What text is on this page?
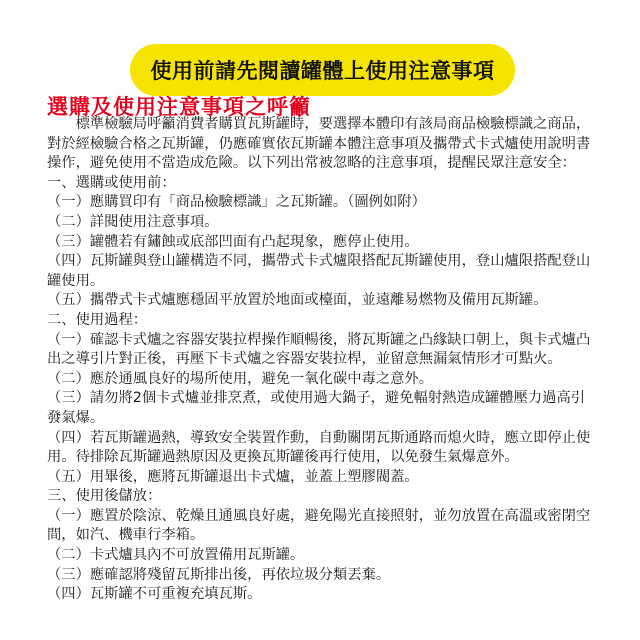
使用前請先閱讀罐體上使用注意事項
選購及使用注意事項之呼籲

標準檢驗局呼籲消費者購買瓦斯罐時，要選擇本體印有該局商品檢驗標識之商品，對於經檢驗合格之瓦斯罐，仍應確實依瓦斯罐本體注意事項及攜帶式卡式爐使用說明書操作，避免使用不當造成危險。以下列出常被忽略的注意事項，提醒民眾注意安全：

一、選購或使用前：

（一）應購買印有「商品檢驗標識」之瓦斯罐。（圖例如附）

（二）詳閱使用注意事項。

（三）罐體若有鏽蝕或底部凹面有凸起現象，應停止使用。

（四）瓦斯罐與登山罐構造不同，攜帶式卡式爐限搭配瓦斯罐使用，登山爐限搭配登山罐使用。

（五）攜帶式卡式爐應穩固平放置於地面或檯面，並遠離易燃物及備用瓦斯罐。

二、使用過程：

（一）確認卡式爐之容器安裝拉桿操作順暢後，將瓦斯罐之凸緣缺口朝上，與卡式爐凸出之導引片對正後，再壓下卡式爐之容器安裝拉桿，並留意無漏氣情形才可點火。

（二）應於通風良好的場所使用，避免一氧化碳中毒之意外。

（三）請勿將2個卡式爐並排烹煮，或使用過大鍋子，避免輻射熱造成罐體壓力過高引發氣爆。

（四）若瓦斯罐過熱，導致安全裝置作動，自動關閉瓦斯通路而熄火時，應立即停止使用。待排除瓦斯罐過熱原因及更換瓦斯罐後再行使用，以免發生氣爆意外。

（五）用畢後，應將瓦斯罐退出卡式爐，並蓋上塑膠閥蓋。

三、使用後儲放：

（一）應置於陰涼、乾燥且通風良好處，避免陽光直接照射，並勿放置在高溫或密閉空間，如汽、機車行李箱。

（二）卡式爐具內不可放置備用瓦斯罐。

（三）應確認將殘留瓦斯排出後，再依垃圾分類丟棄。

（四）瓦斯罐不可重複充填瓦斯。
